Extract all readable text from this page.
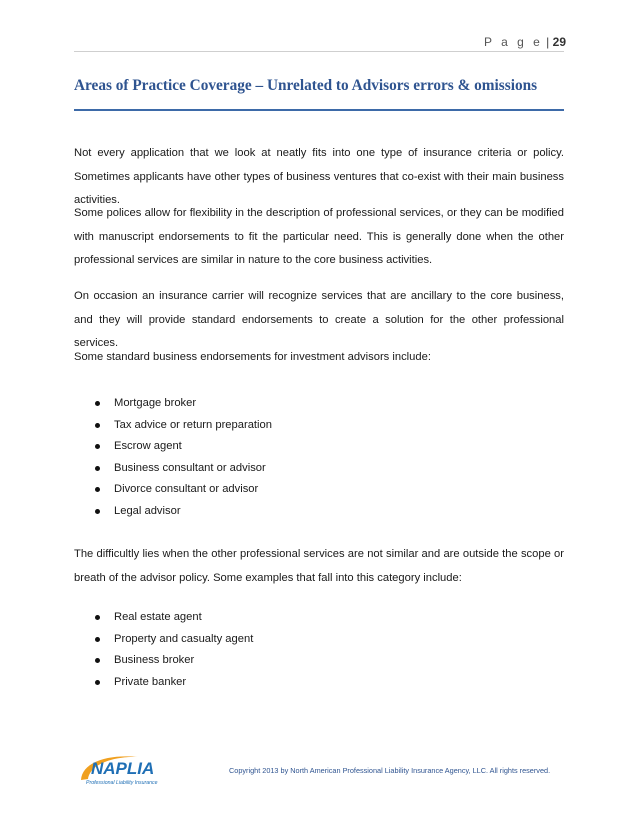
P a g e | 29
Areas of Practice Coverage – Unrelated to Advisors errors & omissions

Not every application that we look at neatly fits into one type of insurance criteria or policy. Sometimes applicants have other types of business ventures that co-exist with their main business activities.

Some polices allow for flexibility in the description of professional services, or they can be modified with manuscript endorsements to fit the particular need. This is generally done when the other professional services are similar in nature to the core business activities.

On occasion an insurance carrier will recognize services that are ancillary to the core business, and they will provide standard endorsements to create a solution for the other professional services.

Some standard business endorsements for investment advisors include:

Mortgage broker
Tax advice or return preparation
Escrow agent
Business consultant or advisor
Divorce consultant or advisor
Legal advisor

The difficultly lies when the other professional services are not similar and are outside the scope or breath of the advisor policy. Some examples that fall into this category include:

Real estate agent
Property and casualty agent
Business broker
Private banker
NAPLIA
Professional Liability Insurance
Copyright 2013 by North American Professional Liability Insurance Agency, LLC. All rights reserved.
